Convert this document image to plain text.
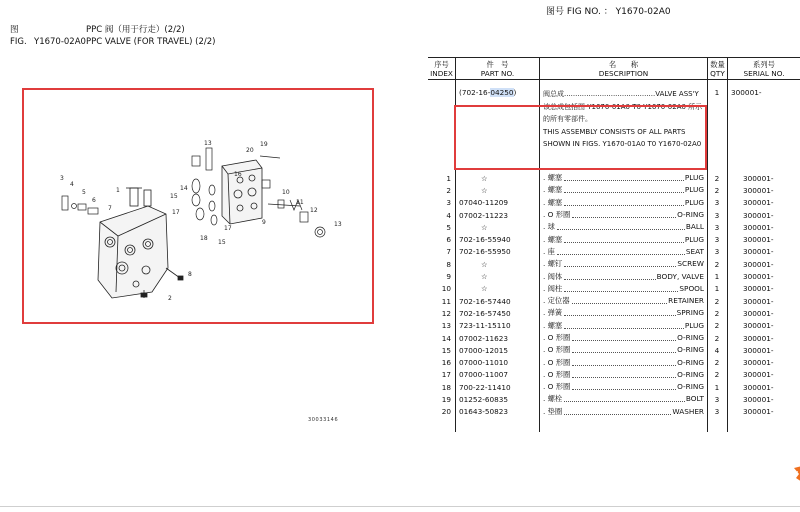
图号 FIG NO. ： Y1670-02A0
图	PPC 阀（用于行走）(2/2)
FIG. Y1670-02A0 PPC VALVE (FOR TRAVEL) (2/2)
1
2
3
4
5
6
7
8
9
10
11
12
13
13
14
15
15
16
17
17
18
19
20
30033146
序号
INDEX
件　号
PART NO.
名　　称
DESCRIPTION
数量
QTY
系列号
SERIAL NO.
(702-16-04250)	阀总成.........................................VALVE ASS'Y
该总成包括图 Y1670-01A0 T0 Y1670-02A0 所示
的所有零部件。
THIS ASSEMBLY CONSISTS OF ALL PARTS
SHOWN IN FIGS. Y1670-01A0 T0 Y1670-02A0
1	300001-
1	☆	. 螺塞	PLUG	2	300001-
2	☆	. 螺塞	PLUG	2	300001-
3	07040-11209	. 螺塞	PLUG	3	300001-
4	07002-11223	. O 形圈	O-RING	3	300001-
5	☆	. 球	BALL	3	300001-
6	702-16-55940	. 螺塞	PLUG	3	300001-
7	702-16-55950	. 座	SEAT	3	300001-
8	☆	. 螺钉	SCREW	2	300001-
9	☆	. 阀体	BODY, VALVE	1	300001-
10	☆	. 阀柱	SPOOL	1	300001-
11	702-16-57440	. 定位器	RETAINER	2	300001-
12	702-16-57450	. 弹簧	SPRING	2	300001-
13	723-11-15110	. 螺塞	PLUG	2	300001-
14	07002-11623	. O 形圈	O-RING	2	300001-
15	07000-12015	. O 形圈	O-RING	4	300001-
16	07000-11010	. O 形圈	O-RING	2	300001-
17	07000-11007	. O 形圈	O-RING	2	300001-
18	700-22-11410	. O 形圈	O-RING	1	300001-
19	01252-60835	. 螺栓	BOLT	3	300001-
20	01643-50823	. 垫圈	WASHER	3	300001-
